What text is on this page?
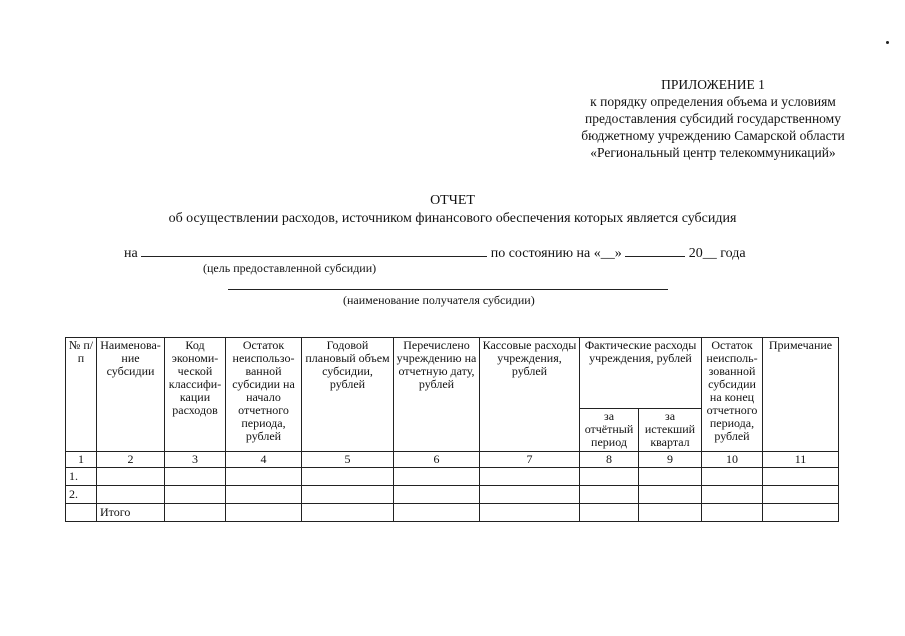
ПРИЛОЖЕНИЕ 1
к порядку определения объема и условиям
предоставления субсидий государственному
бюджетному учреждению Самарской области
«Региональный центр телекоммуникаций»
ОТЧЕТ
об осуществлении расходов, источником финансового обеспечения которых является субсидия
на	по состоянию на «__»	20__ года
(цель предоставленной субсидии)
(наименование получателя субсидии)
№ п/п	Наименова-ние субсидии	Код экономи-ческой классифи-кации расходов	Остаток неиспользо-ванной субсидии на начало отчетного периода, рублей	Годовой плановый объем субсидии, рублей	Перечислено учреждению на отчетную дату, рублей	Кассовые расходы учреждения, рублей	Фактические расходы учреждения, рублей		Остаток неисполь-зованной субсидии на конец отчетного периода, рублей	Примечание
							за отчётный период	за истекший квартал		
1	2	3	4	5	6	7	8	9	10	11
1.										
2.										
	Итого									
